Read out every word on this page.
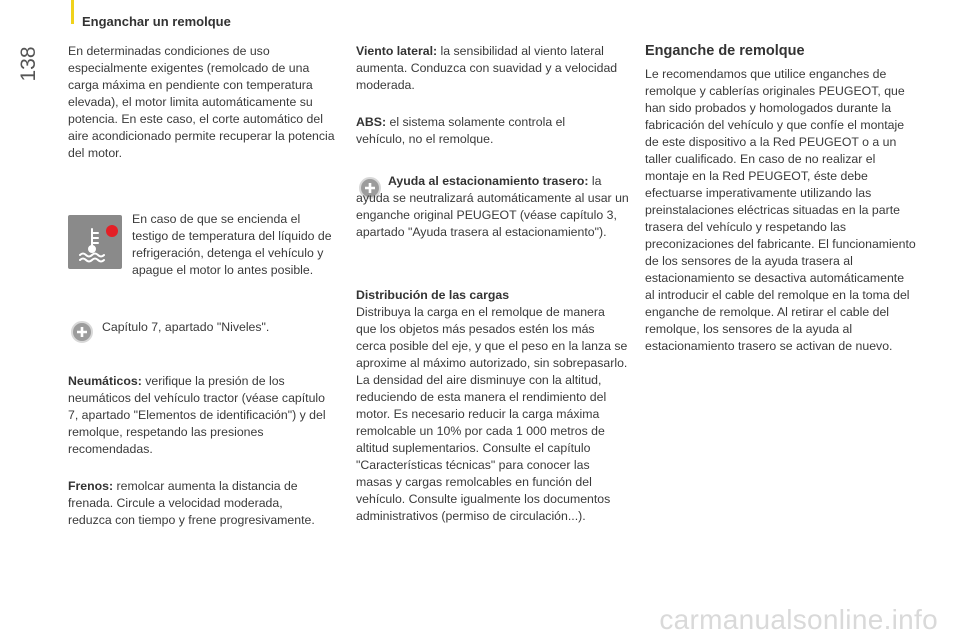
Enganchar un remolque
138	En determinadas condiciones de uso especialmente exigentes (remolcado de una carga máxima en pendiente con temperatura elevada), el motor limita automáticamente su potencia. En este caso, el corte automático del aire acondicionado permite recuperar la potencia del motor.

En caso de que se encienda el testigo de temperatura del líquido de refrigeración, detenga el vehículo y apague el motor lo antes posible.

Capítulo 7, apartado "Niveles".

Neumáticos: verifique la presión de los neumáticos del vehículo tractor (véase capítulo 7, apartado "Elementos de identificación") y del remolque, respetando las presiones recomendadas.

Frenos: remolcar aumenta la distancia de frenada. Circule a velocidad moderada, reduzca con tiempo y frene progresivamente.

Viento lateral: la sensibilidad al viento lateral aumenta. Conduzca con suavidad y a velocidad moderada.

ABS: el sistema solamente controla el vehículo, no el remolque.

Ayuda al estacionamiento trasero: la ayuda se neutralizará automáticamente al usar un enganche original PEUGEOT (véase capítulo 3, apartado "Ayuda trasera al estacionamiento").

Distribución de las cargas
Distribuya la carga en el remolque de manera que los objetos más pesados estén los más cerca posible del eje, y que el peso en la lanza se aproxime al máximo autorizado, sin sobrepasarlo. La densidad del aire disminuye con la altitud, reduciendo de esta manera el rendimiento del motor. Es necesario reducir la carga máxima remolcable un 10% por cada 1 000 metros de altitud suplementarios. Consulte el capítulo "Características técnicas" para conocer las masas y cargas remolcables en función del vehículo. Consulte igualmente los documentos administrativos (permiso de circulación...).

Enganche de remolque

Le recomendamos que utilice enganches de remolque y cablerías originales PEUGEOT, que han sido probados y homologados durante la fabricación del vehículo y que confíe el montaje de este dispositivo a la Red PEUGEOT o a un taller cualificado. En caso de no realizar el montaje en la Red PEUGEOT, éste debe efectuarse imperativamente utilizando las preinstalaciones eléctricas situadas en la parte trasera del vehículo y respetando las preconizaciones del fabricante. El funcionamiento de los sensores de la ayuda trasera al estacionamiento se desactiva automáticamente al introducir el cable del remolque en la toma del enganche de remolque. Al retirar el cable del remolque, los sensores de la ayuda al estacionamiento trasero se activan de nuevo.

carmanualsonline.info
